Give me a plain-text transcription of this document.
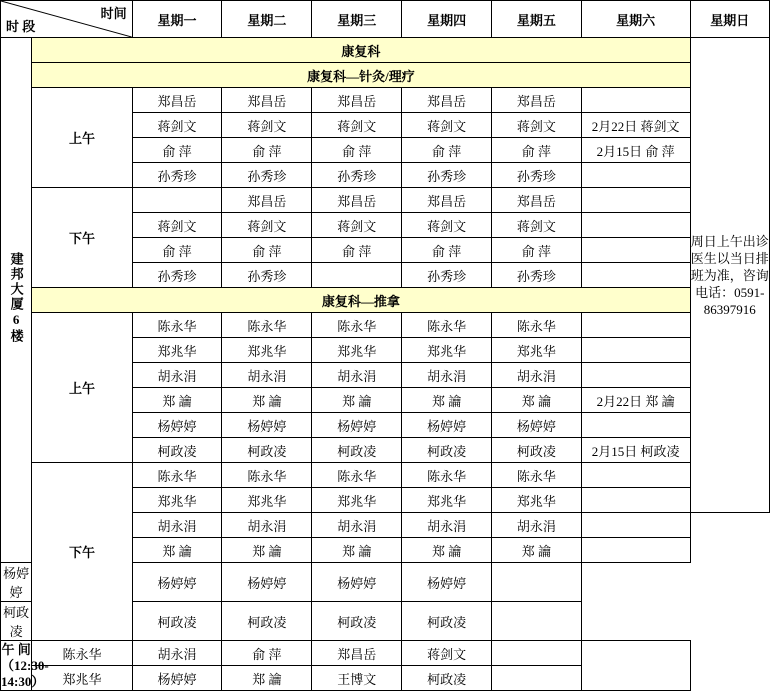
时间
时 段		星期一	星期二	星期三	星期四	星期五	星期六	星期日
建邦大厦6楼	康复科							周日上午出诊医生以当日排班为准，咨询电话：0591-86397916
	康复科—针灸/理疗							
	上午	郑昌岳	郑昌岳	郑昌岳	郑昌岳	郑昌岳		
		蒋剑文	蒋剑文	蒋剑文	蒋剑文	蒋剑文	2月22日 蒋剑文	
		俞 萍	俞 萍	俞 萍	俞 萍	俞 萍	2月15日 俞 萍	
		孙秀珍	孙秀珍	孙秀珍	孙秀珍	孙秀珍		
	下午		郑昌岳	郑昌岳	郑昌岳	郑昌岳		
		蒋剑文	蒋剑文	蒋剑文	蒋剑文	蒋剑文		
		俞 萍	俞 萍	俞 萍	俞 萍	俞 萍		
		孙秀珍	孙秀珍		孙秀珍	孙秀珍		
	康复科—推拿							
	上午	陈永华	陈永华	陈永华	陈永华	陈永华		
		郑兆华	郑兆华	郑兆华	郑兆华	郑兆华		
		胡永涓	胡永涓	胡永涓	胡永涓	胡永涓		
		郑 讑	郑 讑	郑 讑	郑 讑	郑 讑	2月22日 郑 讑	
		杨婷婷	杨婷婷	杨婷婷	杨婷婷	杨婷婷		
		柯政凌	柯政凌	柯政凌	柯政凌	柯政凌	2月15日 柯政凌	
	下午	陈永华	陈永华	陈永华	陈永华	陈永华		
		郑兆华	郑兆华	郑兆华	郑兆华	郑兆华		
		胡永涓	胡永涓	胡永涓	胡永涓	胡永涓		
		郑 讑	郑 讑	郑 讑	郑 讑	郑 讑		
杨婷婷		杨婷婷	杨婷婷	杨婷婷	杨婷婷			
柯政凌		柯政凌	柯政凌	柯政凌	柯政凌			
午 间（12:30-14:30）	陈永华	胡永涓	俞 萍	郑昌岳	蒋剑文			
	郑兆华	杨婷婷	郑 讑	王博文	柯政凌			
